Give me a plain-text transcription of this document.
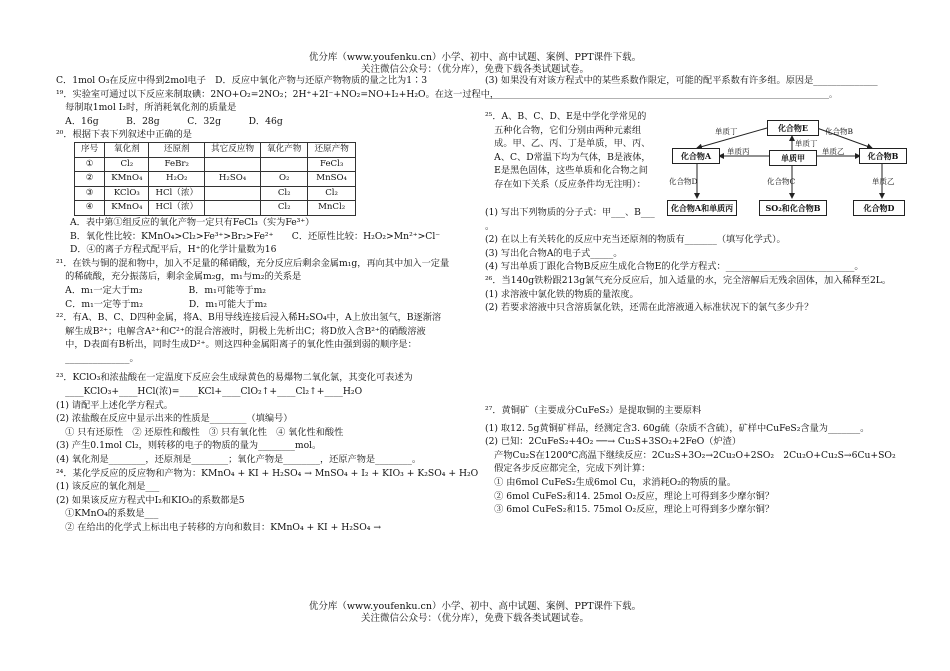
优分库（www.youfenku.cn）小学、初中、高中试题、案例、PPT课件下载。
关注微信公众号：（优分库），免费下载各类试题试卷。

C．1mol O₃在反应中得到2mol电子　D．反应中氧化产物与还原产物物质的量之比为1∶3

¹⁹．实验室可通过以下反应来制取碘：2NO+O₂=2NO₂；2H⁺+2I⁻+NO₂=NO+I₂+H₂O。在这一过程中，

　每制取1mol I₂时，所消耗氧化剂的质量是

　A．16g　　　B．28g　　　C．32g　　　D．46g

²⁰．根据下表下列叙述中正确的是

序号	氧化剂	还原剂	其它反应物	氧化产物	还原产物
①	Cl₂	FeBr₂			FeCl₃
②	KMnO₄	H₂O₂	H₂SO₄	O₂	MnSO₄
③	KClO₃	HCl（浓）		Cl₂	Cl₂
④	KMnO₄	HCl（浓）		Cl₂	MnCl₂

A．表中第①组反应的氧化产物一定只有FeCl₃（实为Fe³⁺）

B．氧化性比较：KMnO₄>Cl₂>Fe³⁺>Br₂>Fe²⁺　　C．还原性比较：H₂O₂>Mn²⁺>Cl⁻

D．④的离子方程式配平后，H⁺的化学计量数为16

²¹．在铁与铜的混和物中，加入不足量的稀硝酸，充分反应后剩余金属m₁g，再向其中加入一定量

　的稀硫酸，充分振荡后，剩余金属m₂g，m₁与m₂的关系是

　A．m₁一定大于m₂　　　　　B．m₁可能等于m₂

　C．m₁一定等于m₂　　　　　D．m₁可能大于m₂

²²．有A、B、C、D四种金属，将A、B用导线连接后浸入稀H₂SO₄中，A上放出氢气，B逐渐溶

　解生成B²⁺；电解含A²⁺和C²⁺的混合溶液时，阴极上先析出C；将D放入含B²⁺的硝酸溶液

　中，D表面有B析出，同时生成D²⁺。则这四种金属阳离子的氧化性由强到弱的顺序是：

　______________。

²³．KClO₃和浓盐酸在一定温度下反应会生成绿黄色的易爆物二氧化氯，其变化可表述为

　____KClO₃+____HCl(浓)=____KCl+____ClO₂↑+____Cl₂↑+____H₂O

(1) 请配平上述化学方程式。

(2) 浓盐酸在反应中显示出来的性质是________（填编号）

　① 只有还原性　② 还原性和酸性　③ 只有氧化性　④ 氧化性和酸性

(3) 产生0.1mol Cl₂，则转移的电子的物质的量为________mol。

(4) 氧化剂是________，还原剂是________；氧化产物是________，还原产物是________。

²⁴．某化学反应的反应物和产物为：KMnO₄ + KI + H₂SO₄ → MnSO₄ + I₂ + KIO₃ + K₂SO₄ + H₂O

(1) 该反应的氧化剂是___

(2) 如果该反应方程式中I₂和KIO₃的系数都是5

　①KMnO₄的系数是___

　② 在给出的化学式上标出电子转移的方向和数目：KMnO₄ + KI + H₂SO₄ →

(3) 如果没有对该方程式中的某些系数作限定，可能的配平系数有许多组。原因是______________

______________________________________________________________________________________。

²⁵．A、B、C、D、E是中学化学常见的

　五种化合物，它们分别由两种元素组

　成。甲、乙、丙、丁是单质，甲、丙、

　A、C、D常温下均为气体，B是液体，

　E是黑色固体，这些单质和化合物之间

　存在如下关系（反应条件均无注明）：

化合物E
化合物A	单质甲	化合物B
化合物A和单质丙	SO₂和化合物B	化合物D
单质丁	化合物B
单质丁
单质丙	单质乙
化合物D	化合物C	单质乙

(1) 写出下列物质的分子式：甲___、B___

。

(2) 在以上有关转化的反应中充当还原剂的物质有_______（填写化学式）。

(3) 写出化合物A的电子式_____。

(4) 写出单质丁跟化合物B反应生成化合物E的化学方程式：____________________________。

²⁶．当140g铁粉跟213g氯气充分反应后，加入适量的水，完全溶解后无残余固体，加入稀释至2L。

(1) 求溶液中氯化铁的物质的量浓度。

(2) 若要求溶液中只含溶质氯化铁，还需在此溶液通入标准状况下的氯气多少升？

²⁷．黄铜矿（主要成分CuFeS₂）是提取铜的主要原料

(1) 取12. 5g黄铜矿样品，经测定含3. 60g硫（杂质不含硫），矿样中CuFeS₂含量为_______。

(2) 已知：2CuFeS₂+4O₂ ──→ Cu₂S+3SO₂+2FeO（炉渣）

　产物Cu₂S在1200℃高温下继续反应：2Cu₂S+3O₂→2Cu₂O+2SO₂　2Cu₂O+Cu₂S→6Cu+SO₂

　假定各步反应都完全，完成下列计算：

　① 由6mol CuFeS₂生成6mol Cu，求消耗O₂的物质的量。

　② 6mol CuFeS₂和14. 25mol O₂反应，理论上可得到多少摩尔铜？

　③ 6mol CuFeS₂和15. 75mol O₂反应，理论上可得到多少摩尔铜？

优分库（www.youfenku.cn）小学、初中、高中试题、案例、PPT课件下载。
关注微信公众号：（优分库），免费下载各类试题试卷。
